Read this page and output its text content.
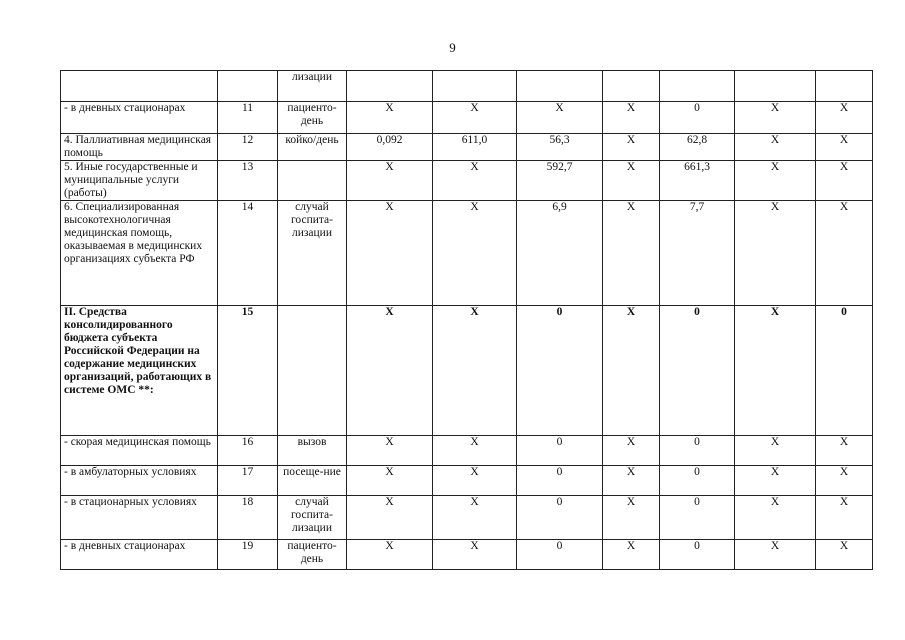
9
		лизации							
- в дневных стационарах	11	пациенто-день	X	X	X	X	0	X	X
4. Паллиативная медицинская помощь	12	койко/день	0,092	611,0	56,3	X	62,8	X	X
5. Иные государственные и муниципальные услуги (работы)	13		X	X	592,7	X	661,3	X	X
6. Специализированная высокотехнологичная медицинская помощь, оказываемая в медицинских организациях субъекта РФ	14	случай госпита-лизации	X	X	6,9	X	7,7	X	X
II. Средства консолидированного бюджета субъекта Российской Федерации на содержание медицинских организаций, работающих в системе ОМС **:	15		X	X	0	X	0	X	0
- скорая медицинская помощь	16	вызов	X	X	0	X	0	X	X
- в амбулаторных условиях	17	посеще-ние	X	X	0	X	0	X	X
- в стационарных условиях	18	случай госпита-лизации	X	X	0	X	0	X	X
- в дневных стационарах	19	пациенто-день	X	X	0	X	0	X	X
